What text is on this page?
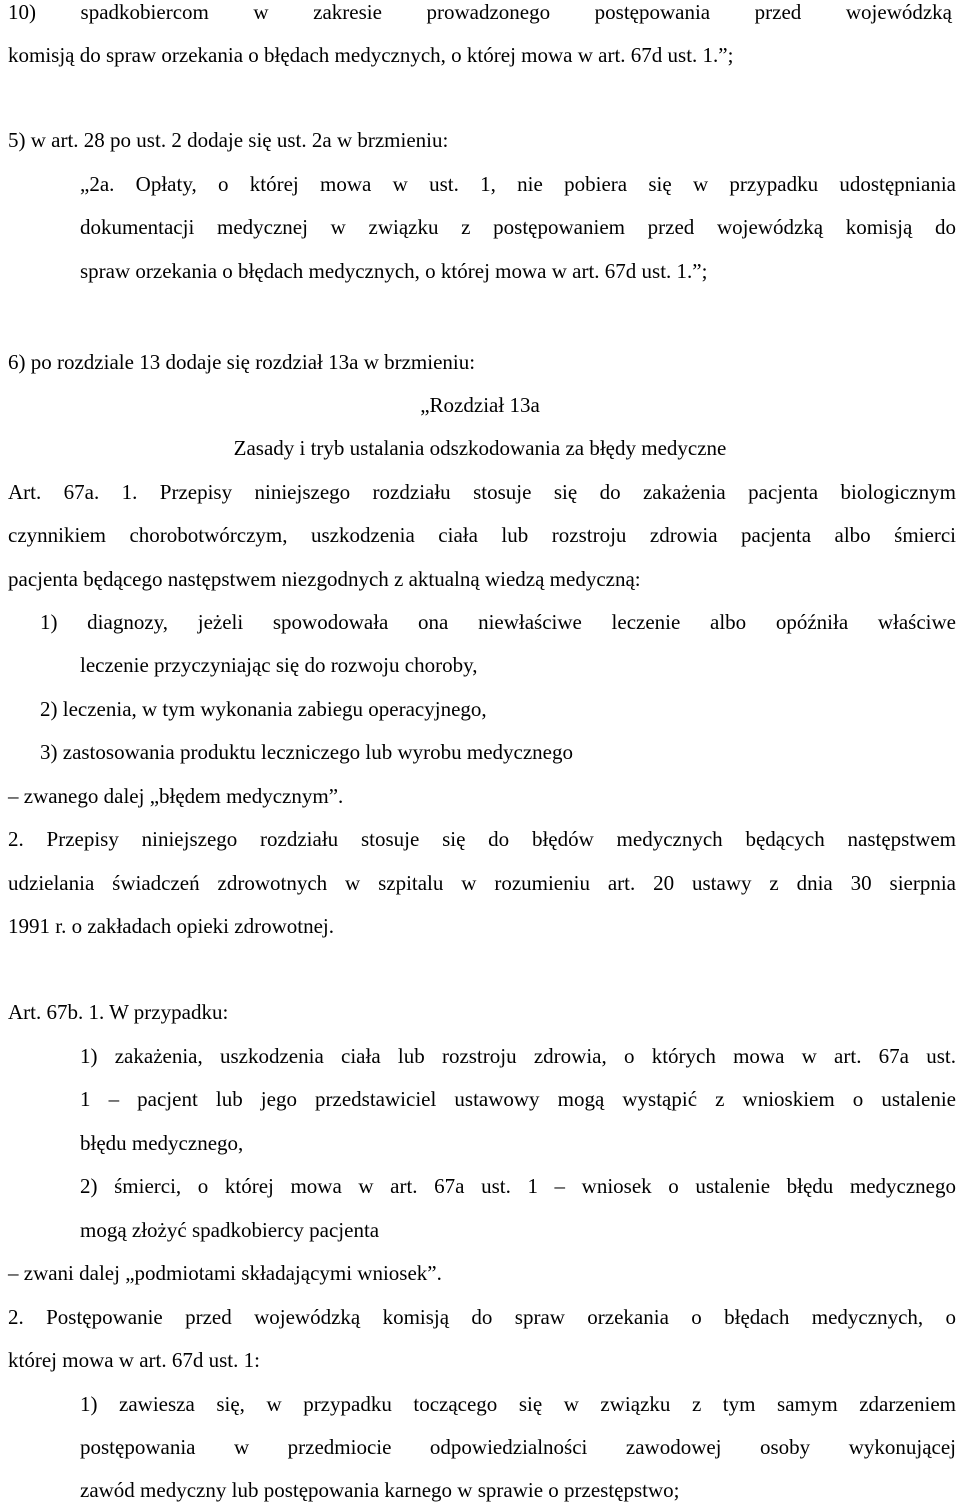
10) spadkobiercom w zakresie prowadzonego postępowania przed wojewódzką

komisją do spraw orzekania o błędach medycznych, o której mowa w art. 67d ust. 1.”;

5) w art. 28 po ust. 2 dodaje się ust. 2a w brzmieniu:

„2a. Opłaty, o której mowa w ust. 1, nie pobiera się w przypadku udostępniania

dokumentacji medycznej w związku z postępowaniem przed wojewódzką komisją do

spraw orzekania o błędach medycznych, o której mowa w art. 67d ust. 1.”;

6) po rozdziale 13 dodaje się rozdział 13a w brzmieniu:

„Rozdział 13a

Zasady i tryb ustalania odszkodowania za błędy medyczne

Art. 67a. 1. Przepisy niniejszego rozdziału stosuje się do zakażenia pacjenta biologicznym

czynnikiem chorobotwórczym, uszkodzenia ciała lub rozstroju zdrowia pacjenta albo śmierci

pacjenta będącego następstwem niezgodnych z aktualną wiedzą medyczną:

1) diagnozy, jeżeli spowodowała ona niewłaściwe leczenie albo opóźniła właściwe

leczenie przyczyniając się do rozwoju choroby,

2) leczenia, w tym wykonania zabiegu operacyjnego,

3) zastosowania produktu leczniczego lub wyrobu medycznego

– zwanego dalej „błędem medycznym”.

2. Przepisy niniejszego rozdziału stosuje się do błędów medycznych będących następstwem

udzielania świadczeń zdrowotnych w szpitalu w rozumieniu art. 20 ustawy z dnia 30 sierpnia

1991 r. o zakładach opieki zdrowotnej.

Art. 67b. 1. W przypadku:

1) zakażenia, uszkodzenia ciała lub rozstroju zdrowia, o których mowa w art. 67a ust.

1 – pacjent lub jego przedstawiciel ustawowy mogą wystąpić z wnioskiem o ustalenie

błędu medycznego,

2) śmierci, o której mowa w art. 67a ust. 1 – wniosek o ustalenie błędu medycznego

mogą złożyć spadkobiercy pacjenta

– zwani dalej „podmiotami składającymi wniosek”.

2. Postępowanie przed wojewódzką komisją do spraw orzekania o błędach medycznych, o

której mowa w art. 67d ust. 1:

1) zawiesza się, w przypadku toczącego się w związku z tym samym zdarzeniem

postępowania w przedmiocie odpowiedzialności zawodowej osoby wykonującej

zawód medyczny lub postępowania karnego w sprawie o przestępstwo;
